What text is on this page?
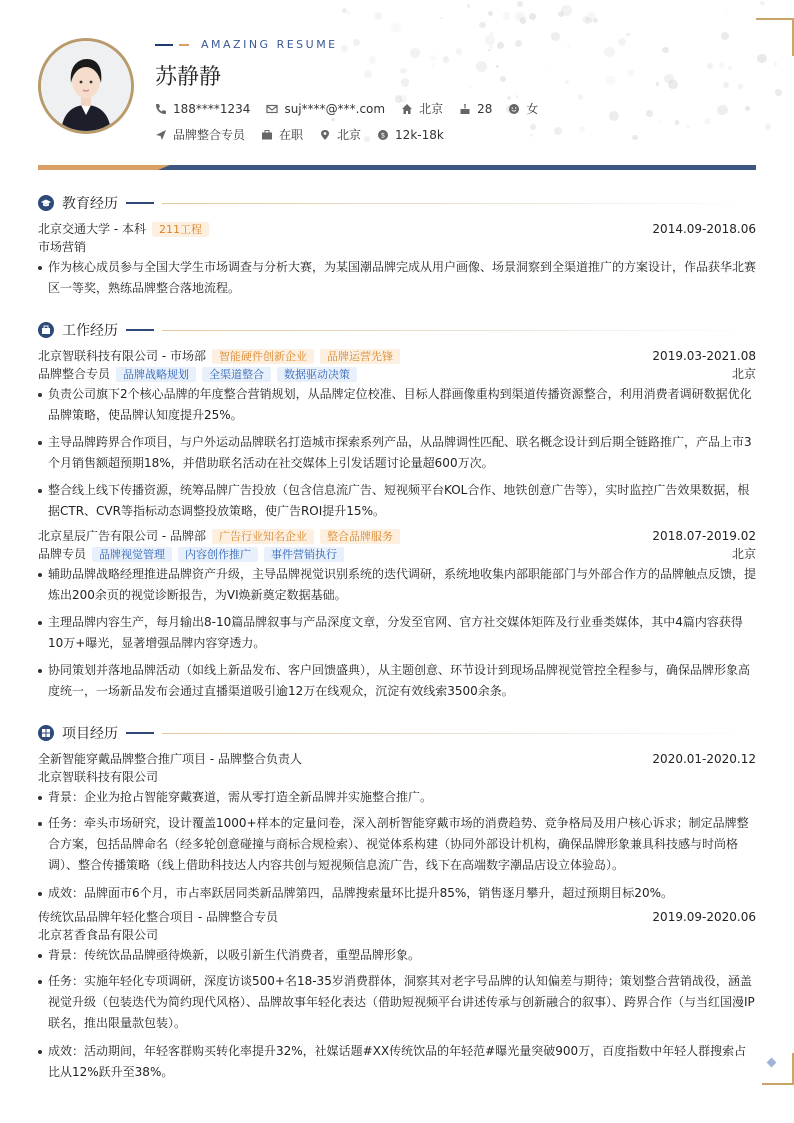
AMAZING RESUME
苏静静
188****1234	suj****@***.com	北京	28	女
品牌整合专员	在职	北京	$ 12k-18k
教育经历
北京交通大学 - 本科	211工程	2014.09-2018.06
市场营销
作为核心成员参与全国大学生市场调查与分析大赛，为某国潮品牌完成从用户画像、场景洞察到全渠道推广的方案设计，作品获华北赛区一等奖，熟练品牌整合落地流程。
工作经历
北京智联科技有限公司 - 市场部	智能硬件创新企业	品牌运营先锋	2019.03-2021.08
品牌整合专员	品牌战略规划	全渠道整合	数据驱动决策	北京
负责公司旗下2个核心品牌的年度整合营销规划，从品牌定位校准、目标人群画像重构到渠道传播资源整合，利用消费者调研数据优化品牌策略，使品牌认知度提升25%。
主导品牌跨界合作项目，与户外运动品牌联名打造城市探索系列产品，从品牌调性匹配、联名概念设计到后期全链路推广，产品上市3个月销售额超预期18%，并借助联名活动在社交媒体上引发话题讨论量超600万次。
整合线上线下传播资源，统筹品牌广告投放（包含信息流广告、短视频平台KOL合作、地铁创意广告等），实时监控广告效果数据，根据CTR、CVR等指标动态调整投放策略，使广告ROI提升15%。
北京星辰广告有限公司 - 品牌部	广告行业知名企业	整合品牌服务	2018.07-2019.02
品牌专员	品牌视觉管理	内容创作推广	事件营销执行	北京
辅助品牌战略经理推进品牌资产升级，主导品牌视觉识别系统的迭代调研，系统地收集内部职能部门与外部合作方的品牌触点反馈，提炼出200余页的视觉诊断报告，为VI焕新奠定数据基础。
主理品牌内容生产，每月输出8-10篇品牌叙事与产品深度文章，分发至官网、官方社交媒体矩阵及行业垂类媒体，其中4篇内容获得10万+曝光，显著增强品牌内容穿透力。
协同策划并落地品牌活动（如线上新品发布、客户回馈盛典），从主题创意、环节设计到现场品牌视觉管控全程参与，确保品牌形象高度统一，一场新品发布会通过直播渠道吸引逾12万在线观众，沉淀有效线索3500余条。
项目经历
全新智能穿戴品牌整合推广项目 - 品牌整合负责人	2020.01-2020.12
北京智联科技有限公司
背景：企业为抢占智能穿戴赛道，需从零打造全新品牌并实施整合推广。
任务：牵头市场研究，设计覆盖1000+样本的定量问卷，深入剖析智能穿戴市场的消费趋势、竞争格局及用户核心诉求；制定品牌整合方案，包括品牌命名（经多轮创意碰撞与商标合规检索）、视觉体系构建（协同外部设计机构，确保品牌形象兼具科技感与时尚格调）、整合传播策略（线上借助科技达人内容共创与短视频信息流广告，线下在高端数字潮品店设立体验岛）。
成效：品牌面市6个月，市占率跃居同类新品牌第四，品牌搜索量环比提升85%，销售逐月攀升，超过预期目标20%。
传统饮品品牌年轻化整合项目 - 品牌整合专员	2019.09-2020.06
北京茗香食品有限公司
背景：传统饮品品牌亟待焕新，以吸引新生代消费者，重塑品牌形象。
任务：实施年轻化专项调研，深度访谈500+名18-35岁消费群体，洞察其对老字号品牌的认知偏差与期待；策划整合营销战役，涵盖视觉升级（包装迭代为简约现代风格）、品牌故事年轻化表达（借助短视频平台讲述传承与创新融合的叙事）、跨界合作（与当红国漫IP联名，推出限量款包装）。
成效：活动期间，年轻客群购买转化率提升32%，社媒话题#XX传统饮品的年轻范#曝光量突破900万，百度指数中年轻人群搜索占比从12%跃升至38%。
